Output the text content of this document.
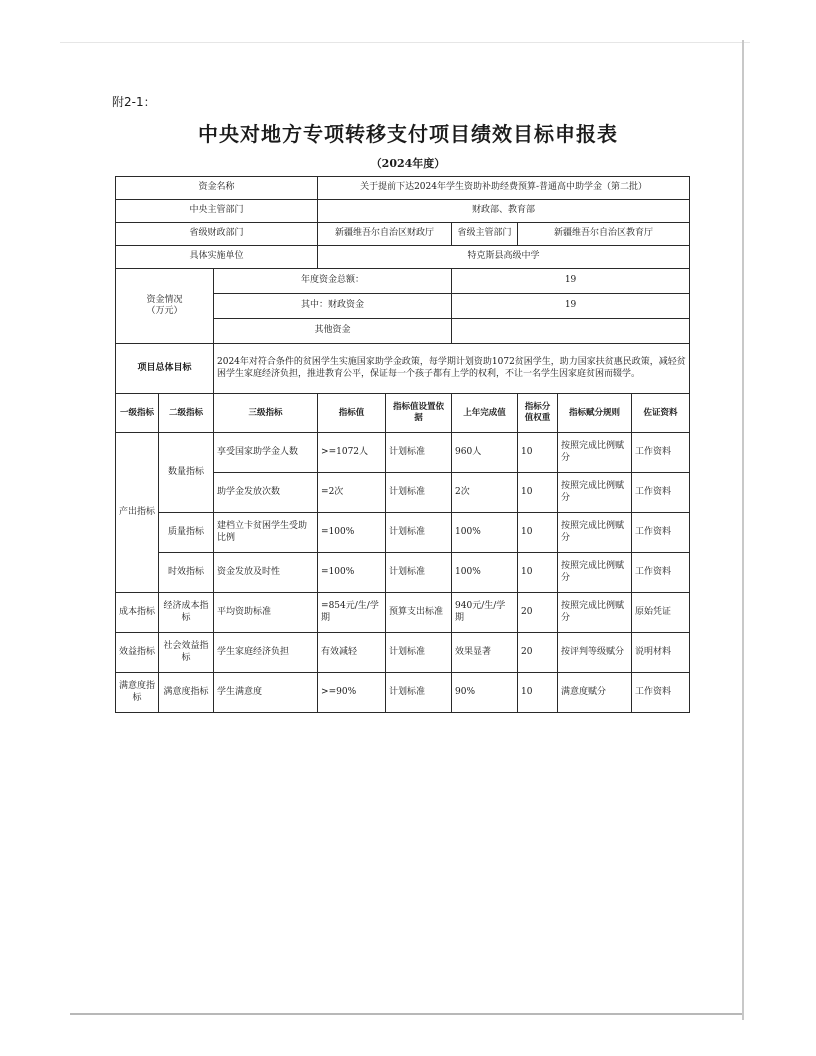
附2-1：
中央对地方专项转移支付项目绩效目标申报表
（2024年度）
资金名称			关于提前下达2024年学生资助补助经费预算-普通高中助学金（第二批）					
中央主管部门			财政部、教育部					
省级财政部门			新疆维吾尔自治区财政厅		省级主管部门	新疆维吾尔自治区教育厅		
具体实施单位			特克斯县高级中学					

资金情况
（万元）		年度资金总额：			19			
		其中：财政资金			19			
		其他资金						
项目总体目标		2024年对符合条件的贫困学生实施国家助学金政策，每学期计划资助1072贫困学生，助力国家扶贫惠民政策，减轻贫困学生家庭经济负担，推进教育公平，保证每一个孩子都有上学的权利，不让一名学生因家庭贫困而辍学。						
一级指标	二级指标	三级指标	指标值	指标值设置依据	上年完成值	指标分值权重	指标赋分规则	佐证资料
产出指标	数量指标	享受国家助学金人数	>=1072人	计划标准	960人	10	按照完成比例赋分	工作资料
		助学金发放次数	=2次	计划标准	2次	10	按照完成比例赋分	工作资料
	质量指标	建档立卡贫困学生受助比例	=100%	计划标准	100%	10	按照完成比例赋分	工作资料
	时效指标	资金发放及时性	=100%	计划标准	100%	10	按照完成比例赋分	工作资料
成本指标	经济成本指标	平均资助标准	=854元/生/学期	预算支出标准	940元/生/学期	20	按照完成比例赋分	原始凭证
效益指标	社会效益指标	学生家庭经济负担	有效减轻	计划标准	效果显著	20	按评判等级赋分	说明材料
满意度指标	满意度指标	学生满意度	>=90%	计划标准	90%	10	满意度赋分	工作资料
